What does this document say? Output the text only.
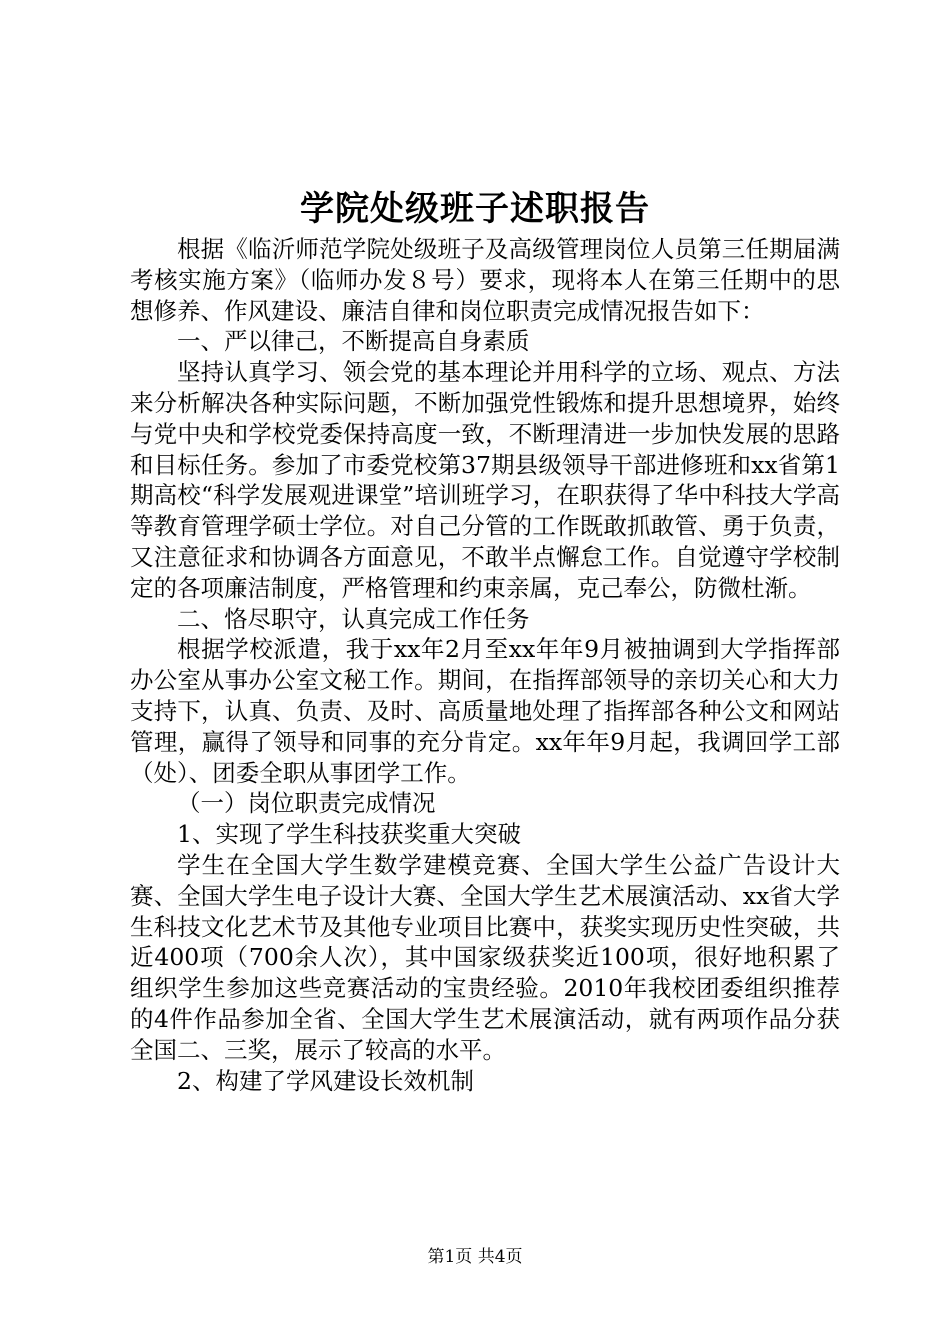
学院处级班子述职报告

根据《临沂师范学院处级班子及高级管理岗位人员第三任期届满考核实施方案》（临师办发８号）要求，现将本人在第三任期中的思想修养、作风建设、廉洁自律和岗位职责完成情况报告如下：

一、严以律己，不断提高自身素质

坚持认真学习、领会党的基本理论并用科学的立场、观点、方法来分析解决各种实际问题，不断加强党性锻炼和提升思想境界，始终与党中央和学校党委保持高度一致，不断理清进一步加快发展的思路和目标任务。参加了市委党校第37期县级领导干部进修班和xx省第1期高校“科学发展观进课堂”培训班学习，在职获得了华中科技大学高等教育管理学硕士学位。对自己分管的工作既敢抓敢管、勇于负责，又注意征求和协调各方面意见，不敢半点懈怠工作。自觉遵守学校制定的各项廉洁制度，严格管理和约束亲属，克己奉公，防微杜渐。

二、恪尽职守，认真完成工作任务

根据学校派遣，我于xx年2月至xx年年9月被抽调到大学指挥部办公室从事办公室文秘工作。期间，在指挥部领导的亲切关心和大力支持下，认真、负责、及时、高质量地处理了指挥部各种公文和网站管理，赢得了领导和同事的充分肯定。xx年年9月起，我调回学工部（处）、团委全职从事团学工作。

（一）岗位职责完成情况

1、实现了学生科技获奖重大突破

学生在全国大学生数学建模竞赛、全国大学生公益广告设计大赛、全国大学生电子设计大赛、全国大学生艺术展演活动、xx省大学生科技文化艺术节及其他专业项目比赛中，获奖实现历史性突破，共近400项（700余人次），其中国家级获奖近100项，很好地积累了组织学生参加这些竞赛活动的宝贵经验。2010年我校团委组织推荐的4件作品参加全省、全国大学生艺术展演活动，就有两项作品分获全国二、三奖，展示了较高的水平。

2、构建了学风建设长效机制

第1页 共4页
